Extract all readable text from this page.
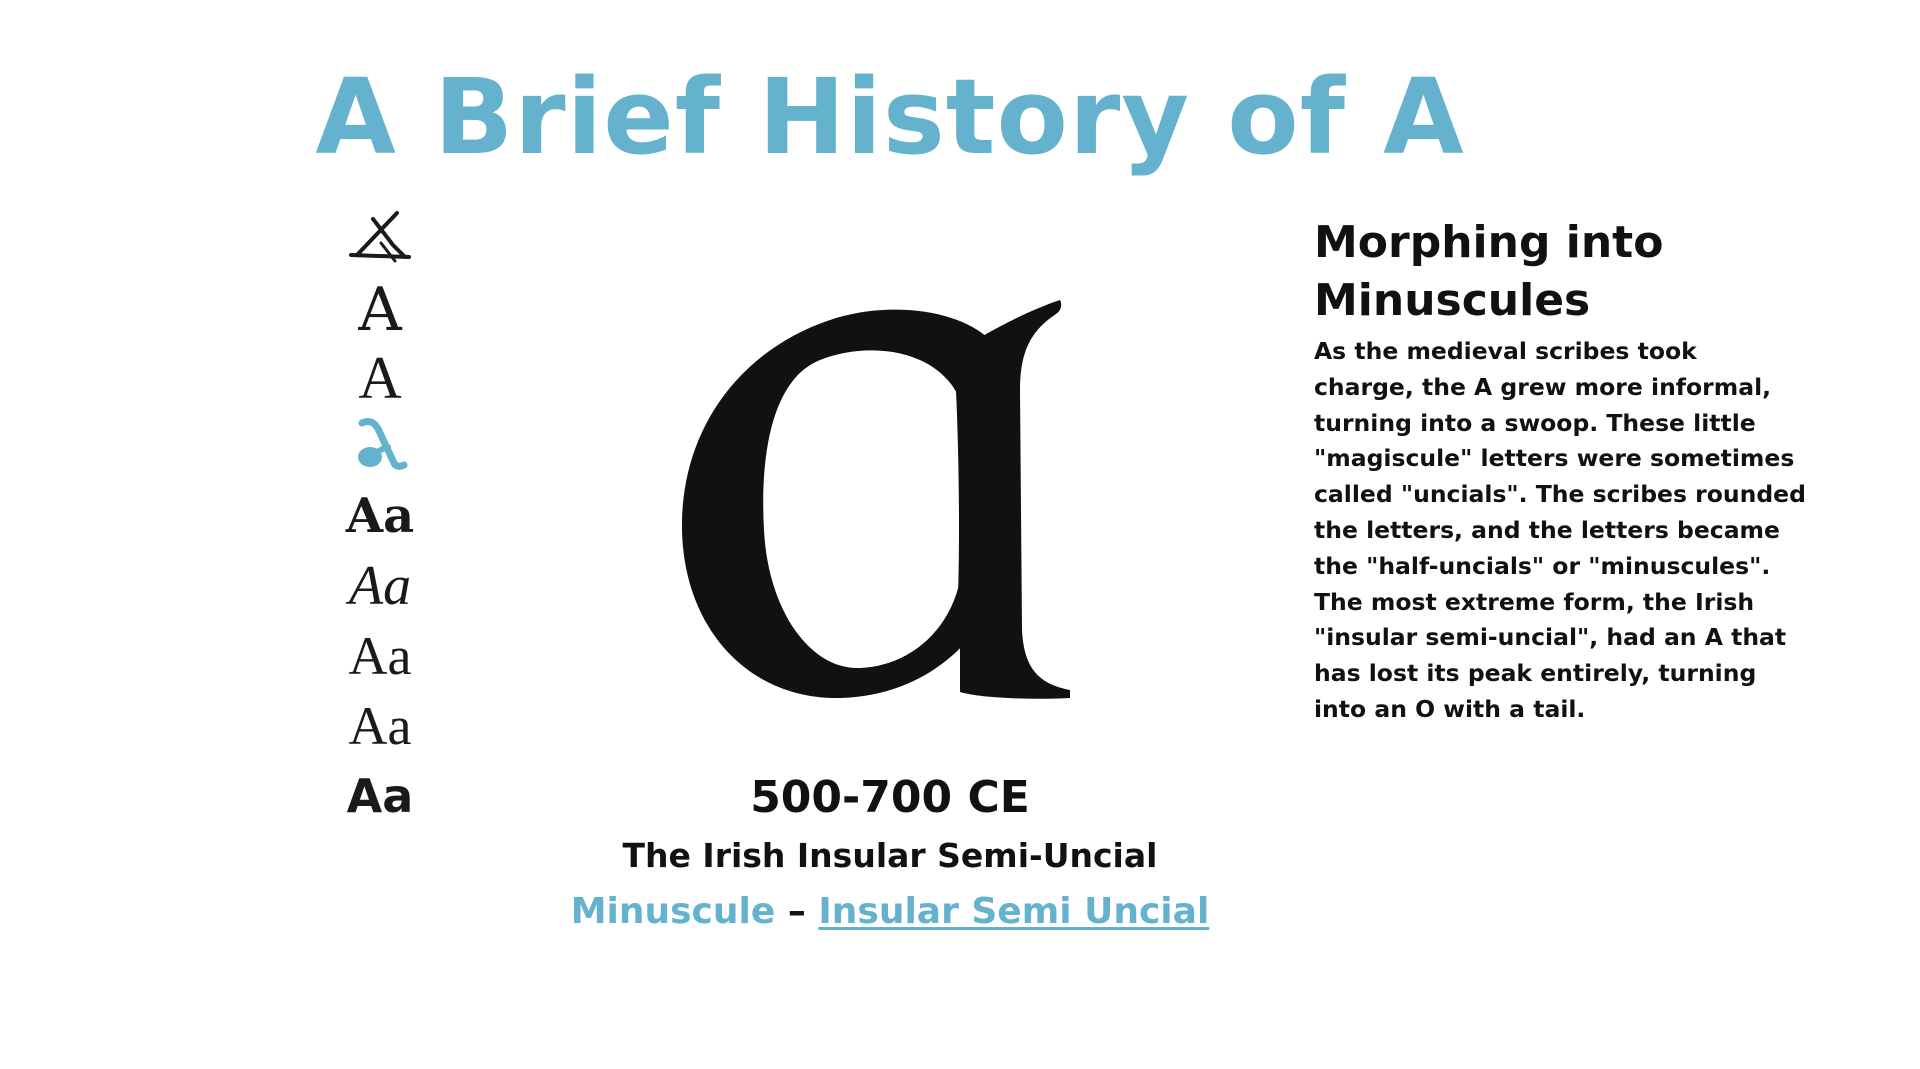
A Brief History of A
A
A
Aa
Aa
Aa
Aa
Aa	500-700 CE
The Irish Insular Semi-Uncial
Minuscule – Insular Semi Uncial
Morphing into
Minuscules
As the medieval scribes took
charge, the A grew more informal,
turning into a swoop. These little
"magiscule" letters were sometimes
called "uncials". The scribes rounded
the letters, and the letters became
the "half-uncials" or "minuscules".
The most extreme form, the Irish
"insular semi-uncial", had an A that
has lost its peak entirely, turning
into an O with a tail.
